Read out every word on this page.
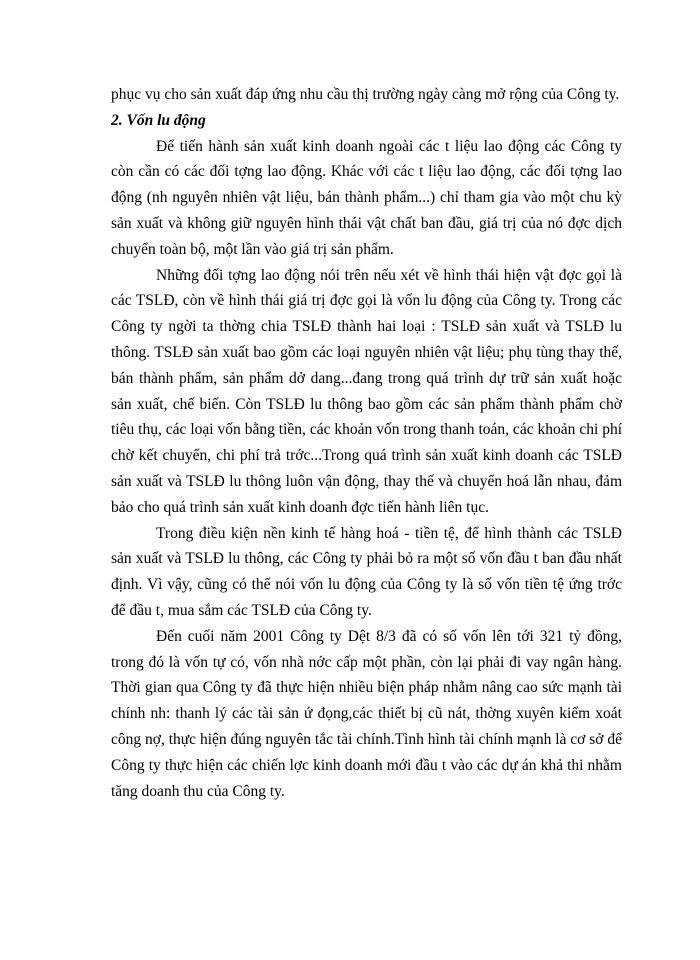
phục vụ cho sản xuất đáp ứng nhu cầu thị trường ngày càng mở rộng của Công ty.

2. Vốn lu động

Để tiến hành sản xuất kinh doanh ngoài các t liệu lao động các Công ty còn cần có các đối tợng lao động. Khác với các t liệu lao động, các đối tợng lao động (nh nguyên nhiên vật liệu, bán thành phẩm...) chỉ tham gia vào một chu kỳ sản xuất và không giữ nguyên hình thái vật chất ban đầu, giá trị của nó đợc dịch chuyển toàn bộ, một lần vào giá trị sản phẩm.

Những đối tợng lao động nói trên nếu xét về hình thái hiện vật đợc gọi là các TSLĐ, còn về hình thái giá trị đợc gọi là vốn lu động của Công ty. Trong các Công ty ngời ta thờng chia TSLĐ thành hai loại : TSLĐ sản xuất và TSLĐ lu thông. TSLĐ sản xuất bao gồm các loại nguyên nhiên vật liệu; phụ tùng thay thế, bán thành phẩm, sản phẩm dở dang...đang trong quá trình dự trữ sản xuất hoặc sản xuất, chế biến. Còn TSLĐ lu thông bao gồm các sản phẩm thành phẩm chờ tiêu thụ, các loại vốn bằng tiền, các khoản vốn trong thanh toán, các khoản chi phí chờ kết chuyển, chi phí trả trớc...Trong quá trình sản xuất kinh doanh các TSLĐ sản xuất và TSLĐ lu thông luôn vận động, thay thế và chuyển hoá lẫn nhau, đảm bảo cho quá trình sản xuất kinh doanh đợc tiến hành liên tục.

Trong điều kiện nền kinh tế hàng hoá - tiền tệ, để hình thành các TSLĐ sản xuất và TSLĐ lu thông, các Công ty phải bỏ ra một số vốn đầu t ban đầu nhất định. Vì vậy, cũng có thể nói vốn lu động của Công ty là số vốn tiền tệ ứng trớc để đầu t, mua sắm các TSLĐ của Công ty.

Đến cuối năm 2001 Công ty Dệt 8/3 đã có số vốn lên tới 321 tỷ đồng, trong đó là vốn tự có, vốn nhà nớc cấp một phần, còn lại phải đi vay ngân hàng. Thời gian qua Công ty đã thực hiện nhiều biện pháp nhằm nâng cao sức mạnh tài chính nh: thanh lý các tài sản ứ đọng,các thiết bị cũ nát, thờng xuyên kiểm xoát công nợ, thực hiện đúng nguyên tắc tài chính.Tình hình tài chính mạnh là cơ sở để Công ty thực hiện các chiến lợc kinh doanh mới đầu t vào các dự án khả thi nhằm tăng doanh thu của Công ty.
